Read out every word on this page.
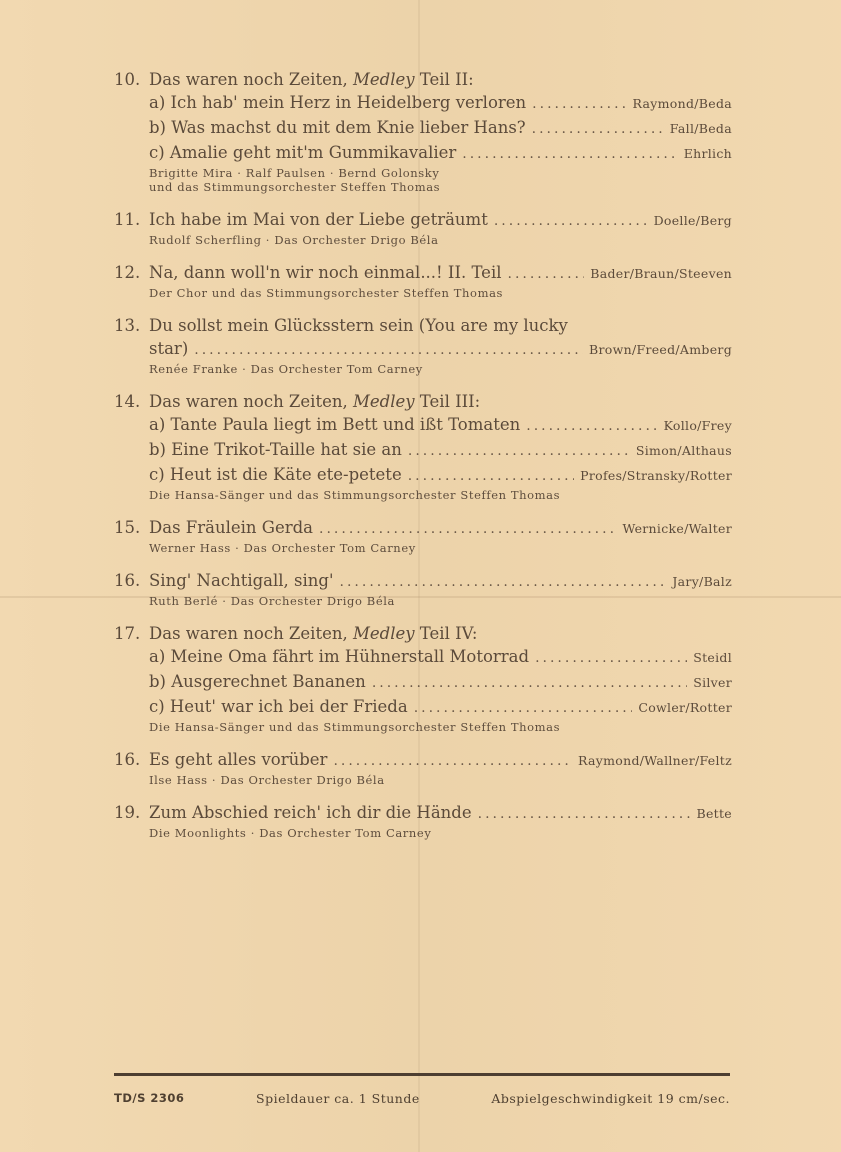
10. Das waren noch Zeiten, Medley Teil II:
a) Ich hab' mein Herz in Heidelberg verloren .....	Raymond/Beda
b) Was machst du mit dem Knie lieber Hans? .....	Fall/Beda
c) Amalie geht mit'm Gummikavalier .....	Ehrlich
Brigitte Mira · Ralf Paulsen · Bernd Golonsky
und das Stimmungsorchester Steffen Thomas
11. Ich habe im Mai von der Liebe geträumt .....	Doelle/Berg
Rudolf Scherfling · Das Orchester Drigo Béla
12. Na, dann woll'n wir noch einmal...! II. Teil .....	Bader/Braun/Steeven
Der Chor und das Stimmungsorchester Steffen Thomas
13. Du sollst mein Glücksstern sein (You are my lucky
star) .....	Brown/Freed/Amberg
Renée Franke · Das Orchester Tom Carney
14. Das waren noch Zeiten, Medley Teil III:
a) Tante Paula liegt im Bett und ißt Tomaten .....	Kollo/Frey
b) Eine Trikot-Taille hat sie an .....	Simon/Althaus
c) Heut ist die Käte ete-petete .....	Profes/Stransky/Rotter
Die Hansa-Sänger und das Stimmungsorchester Steffen Thomas
15. Das Fräulein Gerda .....	Wernicke/Walter
Werner Hass · Das Orchester Tom Carney
16. Sing' Nachtigall, sing' .....	Jary/Balz
Ruth Berlé · Das Orchester Drigo Béla
17. Das waren noch Zeiten, Medley Teil IV:
a) Meine Oma fährt im Hühnerstall Motorrad .....	Steidl
b) Ausgerechnet Bananen .....	Silver
c) Heut' war ich bei der Frieda .....	Cowler/Rotter
Die Hansa-Sänger und das Stimmungsorchester Steffen Thomas
16. Es geht alles vorüber .....	Raymond/Wallner/Feltz
Ilse Hass · Das Orchester Drigo Béla
19. Zum Abschied reich' ich dir die Hände .....	Bette
Die Moonlights · Das Orchester Tom Carney
TD/S 2306	Spieldauer ca. 1 Stunde	Abspielgeschwindigkeit 19 cm/sec.
